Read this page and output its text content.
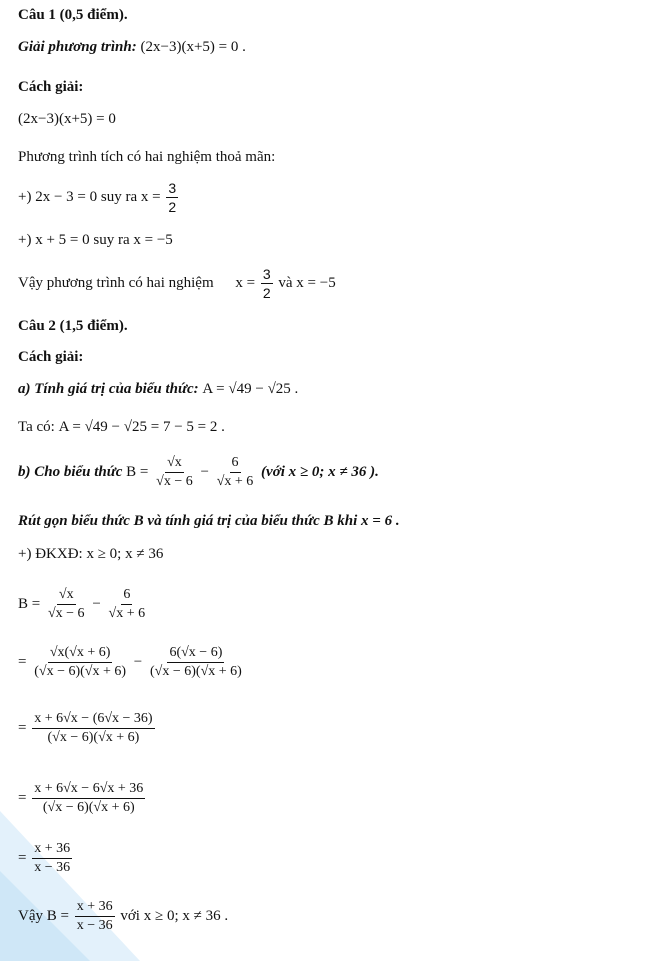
Câu 1 (0,5 điểm).
Giải phương trình: (2x−3)(x+5) = 0 .
Cách giải:
(2x−3)(x+5) = 0
Phương trình tích có hai nghiệm thoả mãn:
+) 2x − 3 = 0 suy ra $x = \frac{3}{2}$
+) x + 5 = 0 suy ra x = −5
Vậy phương trình có hai nghiệm $x = \frac{3}{2}$ và x = −5
Câu 2 (1,5 điểm).
Cách giải:
a) Tính giá trị của biểu thức: A = √49 − √25 .
Ta có: A = √49 − √25 = 7 − 5 = 2 .
b) Cho biểu thức $B = \frac{√x}{√x - 6} - \frac{6}{√x + 6}$ (với x ≥ 0; x ≠ 36 ).
Rút gọn biểu thức B và tính giá trị của biểu thức B khi x = 6 .
+) ĐKXĐ: x ≥ 0; x ≠ 36
$B = \frac{√x}{√x - 6} - \frac{6}{√x + 6}$
= $\frac{√x(√x + 6)}{(√x - 6)(√x + 6)} - \frac{6(√x - 6)}{(√x - 6)(√x + 6)}$
= $\frac{x + 6√x - (6√x - 36)}{(√x - 6)(√x + 6)}$
= $\frac{x + 6√x - 6√x + 36}{(√x - 6)(√x + 6)}$
= $\frac{x + 36}{x - 36}$
Vậy $B = \frac{x + 36}{x - 36}$ với x ≥ 0; x ≠ 36 .
